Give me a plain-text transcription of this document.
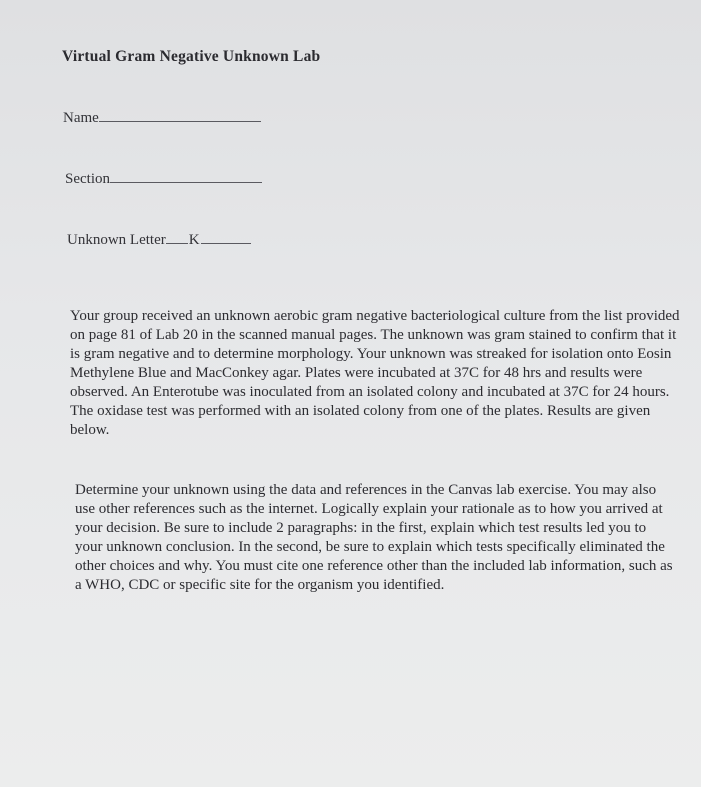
Virtual Gram Negative Unknown Lab
Name
Section
Unknown Letter K

Your group received an unknown aerobic gram negative bacteriological culture from the list provided on page 81 of Lab 20 in the scanned manual pages. The unknown was gram stained to confirm that it is gram negative and to determine morphology. Your unknown was streaked for isolation onto Eosin Methylene Blue and MacConkey agar. Plates were incubated at 37C for 48 hrs and results were observed. An Enterotube was inoculated from an isolated colony and incubated at 37C for 24 hours. The oxidase test was performed with an isolated colony from one of the plates. Results are given below.

Determine your unknown using the data and references in the Canvas lab exercise. You may also use other references such as the internet. Logically explain your rationale as to how you arrived at your decision. Be sure to include 2 paragraphs: in the first, explain which test results led you to your unknown conclusion. In the second, be sure to explain which tests specifically eliminated the other choices and why. You must cite one reference other than the included lab information, such as a WHO, CDC or specific site for the organism you identified.
